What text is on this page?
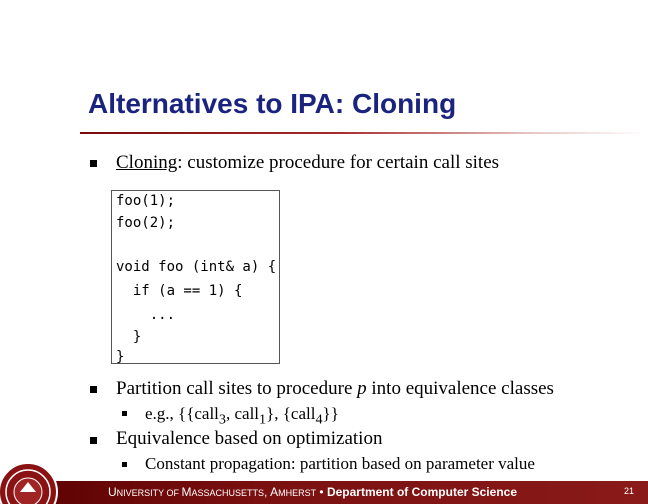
Alternatives to IPA: Cloning
Cloning: customize procedure for certain call sites
foo(1);
foo(2);
void foo (int& a) {
if (a == 1) {
...
}
}
Partition call sites to procedure p into equivalence classes
e.g., {{call$_3$, call$_1$}, {call$_4$}}
Equivalence based on optimization
Constant propagation: partition based on parameter value
UNIVERSITY OF MASSACHUSETTS, AMHERST • Department of Computer Science	21
